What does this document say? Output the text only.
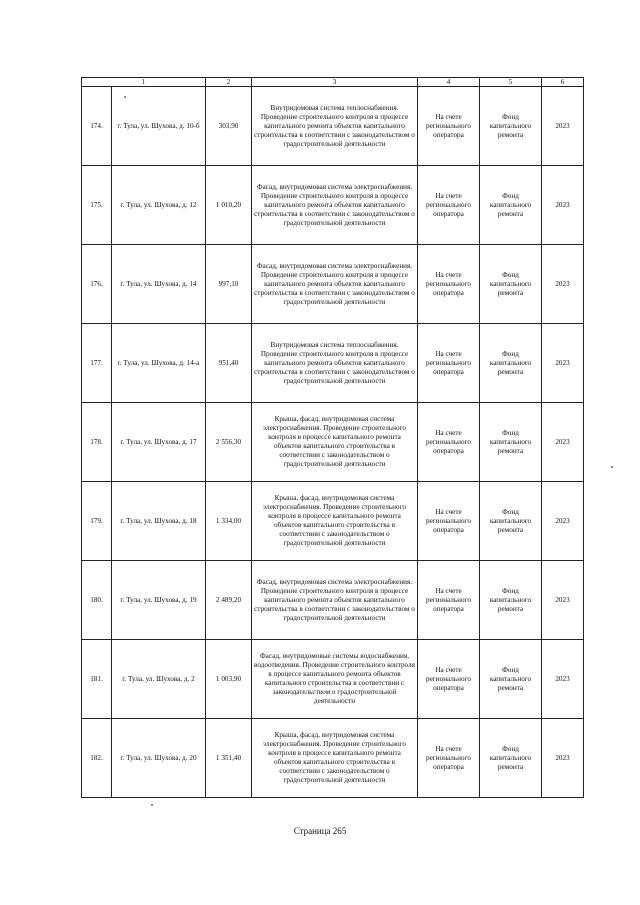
1		2	3	4	5	6
174.	г. Тула, ул. Шухова, д. 10-б	303,90	Внутридомовая система теплоснабжения. Проведение строительного контроля в процессе капитального ремонта объектов капитального строительства в соответствии с законодательством о градостроительной деятельности	На счете регионального оператора	Фонд капитального ремонта	2023
175.	г. Тула, ул. Шухова, д. 12	1 010,20	Фасад, внутридомовая система электроснабжения. Проведение строительного контроля в процессе капитального ремонта объектов капитального строительства в соответствии с законодательством о градостроительной деятельности	На счете регионального оператора	Фонд капитального ремонта	2023
176.	г. Тула, ул. Шухова, д. 14	997,10	Фасад, внутридомовая система электроснабжения. Проведение строительного контроля в процессе капитального ремонта объектов капитального строительства в соответствии с законодательством о градостроительной деятельности	На счете регионального оператора	Фонд капитального ремонта	2023
177.	г. Тула, ул. Шухова, д. 14-а	951,40	Внутридомовая система теплоснабжения. Проведение строительного контроля в процессе капитального ремонта объектов капитального строительства в соответствии с законодательством о градостроительной деятельности	На счете регионального оператора	Фонд капитального ремонта	2023
178.	г. Тула, ул. Шухова, д. 17	2 556,30	Крыша, фасад, внутридомовая система электроснабжения. Проведение строительного контроля в процессе капитального ремонта объектов капитального строительства в соответствии с законодательством о градостроительной деятельности	На счете регионального оператора	Фонд капитального ремонта	2023
179.	г. Тула, ул. Шухова, д. 18	1 334,00	Крыша, фасад, внутридомовая система электроснабжения. Проведение строительного контроля в процессе капитального ремонта объектов капитального строительства в соответствии с законодательством о градостроительной деятельности	На счете регионального оператора	Фонд капитального ремонта	2023
180.	г. Тула, ул. Шухова, д. 19	2 489,20	Фасад, внутридомовая система электроснабжения. Проведение строительного контроля в процессе капитального ремонта объектов капитального строительства в соответствии с законодательством о градостроительной деятельности	На счете регионального оператора	Фонд капитального ремонта	2023
181.	г. Тула, ул. Шухова, д. 2	1 003,90	Фасад, внутридомовые системы водоснабжения, водоотведения. Проведение строительного контроля в процессе капитального ремонта объектов капитального строительства в соответствии с законодательством о градостроительной деятельности	На счете регионального оператора	Фонд капитального ремонта	2023
182.	г. Тула, ул. Шухова, д. 20	1 351,40	Крыша, фасад, внутридомовая система электроснабжения. Проведение строительного контроля в процессе капитального ремонта объектов капитального строительства в соответствии с законодательством о градостроительной деятельности	На счете регионального оператора	Фонд капитального ремонта	2023
Страница 265
